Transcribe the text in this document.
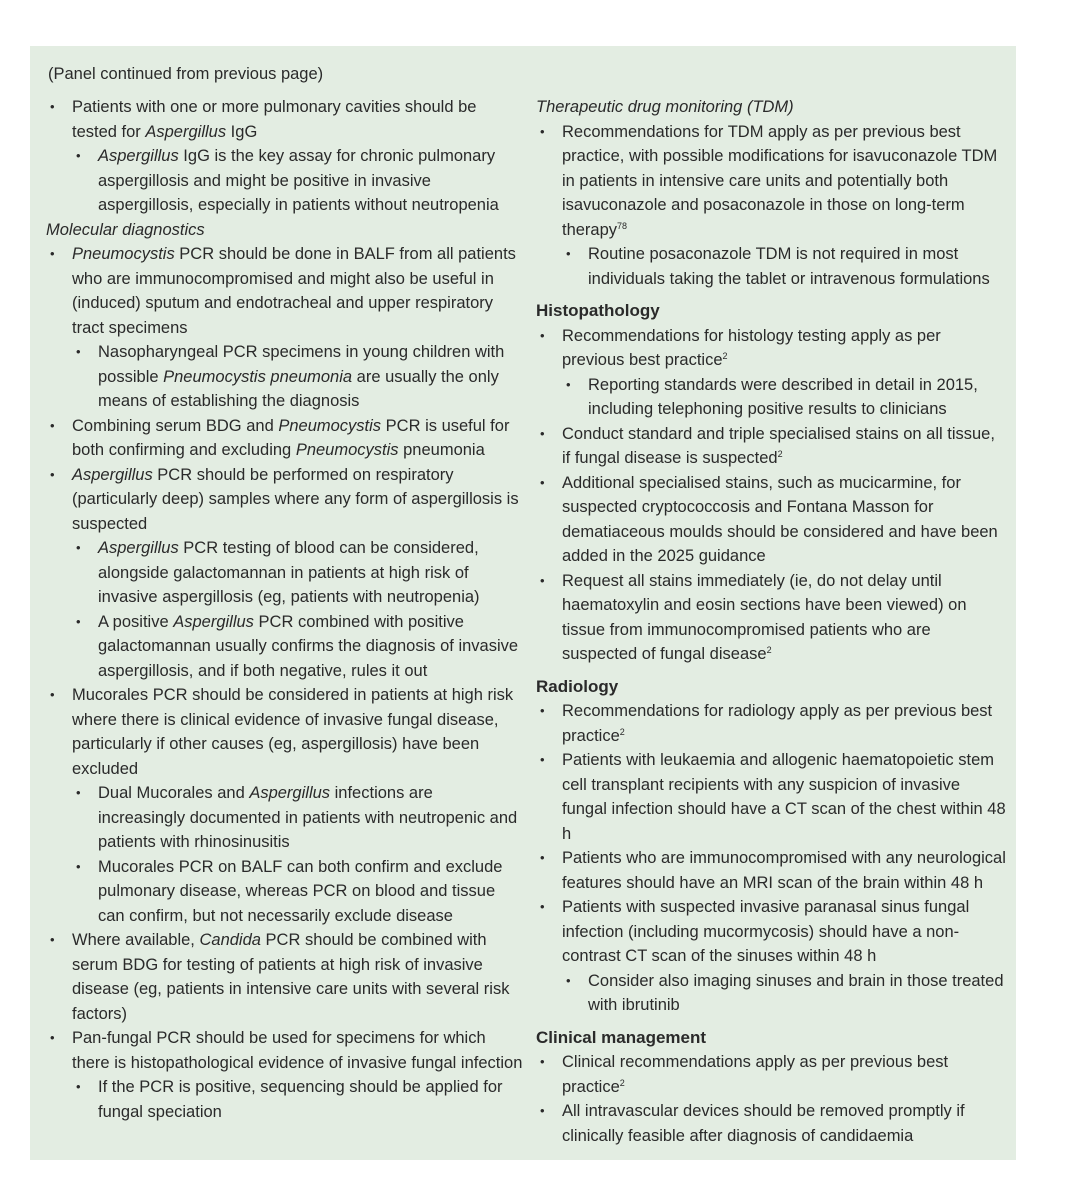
(Panel continued from previous page)

• Patients with one or more pulmonary cavities should be tested for Aspergillus IgG
• Aspergillus IgG is the key assay for chronic pulmonary aspergillosis and might be positive in invasive aspergillosis, especially in patients without neutropenia

Molecular diagnostics

• Pneumocystis PCR should be done in BALF from all patients who are immunocompromised and might also be useful in (induced) sputum and endotracheal and upper respiratory tract specimens
• Nasopharyngeal PCR specimens in young children with possible Pneumocystis pneumonia are usually the only means of establishing the diagnosis
• Combining serum BDG and Pneumocystis PCR is useful for both confirming and excluding Pneumocystis pneumonia
• Aspergillus PCR should be performed on respiratory (particularly deep) samples where any form of aspergillosis is suspected
• Aspergillus PCR testing of blood can be considered, alongside galactomannan in patients at high risk of invasive aspergillosis (eg, patients with neutropenia)
• A positive Aspergillus PCR combined with positive galactomannan usually confirms the diagnosis of invasive aspergillosis, and if both negative, rules it out
• Mucorales PCR should be considered in patients at high risk where there is clinical evidence of invasive fungal disease, particularly if other causes (eg, aspergillosis) have been excluded
• Dual Mucorales and Aspergillus infections are increasingly documented in patients with neutropenic and patients with rhinosinusitis
• Mucorales PCR on BALF can both confirm and exclude pulmonary disease, whereas PCR on blood and tissue can confirm, but not necessarily exclude disease
• Where available, Candida PCR should be combined with serum BDG for testing of patients at high risk of invasive disease (eg, patients in intensive care units with several risk factors)
• Pan-fungal PCR should be used for specimens for which there is histopathological evidence of invasive fungal infection
• If the PCR is positive, sequencing should be applied for fungal speciation

Therapeutic drug monitoring (TDM)

• Recommendations for TDM apply as per previous best practice, with possible modifications for isavuconazole TDM in patients in intensive care units and potentially both isavuconazole and posaconazole in those on long-term therapy$^{78}$
• Routine posaconazole TDM is not required in most individuals taking the tablet or intravenous formulations

Histopathology

• Recommendations for histology testing apply as per previous best practice$^2$
• Reporting standards were described in detail in 2015, including telephoning positive results to clinicians
• Conduct standard and triple specialised stains on all tissue, if fungal disease is suspected$^2$
• Additional specialised stains, such as mucicarmine, for suspected cryptococcosis and Fontana Masson for dematiaceous moulds should be considered and have been added in the 2025 guidance
• Request all stains immediately (ie, do not delay until haematoxylin and eosin sections have been viewed) on tissue from immunocompromised patients who are suspected of fungal disease$^2$

Radiology

• Recommendations for radiology apply as per previous best practice$^2$
• Patients with leukaemia and allogenic haematopoietic stem cell transplant recipients with any suspicion of invasive fungal infection should have a CT scan of the chest within 48 h
• Patients who are immunocompromised with any neurological features should have an MRI scan of the brain within 48 h
• Patients with suspected invasive paranasal sinus fungal infection (including mucormycosis) should have a non-contrast CT scan of the sinuses within 48 h
• Consider also imaging sinuses and brain in those treated with ibrutinib

Clinical management

• Clinical recommendations apply as per previous best practice$^2$
• All intravascular devices should be removed promptly if clinically feasible after diagnosis of candidaemia
